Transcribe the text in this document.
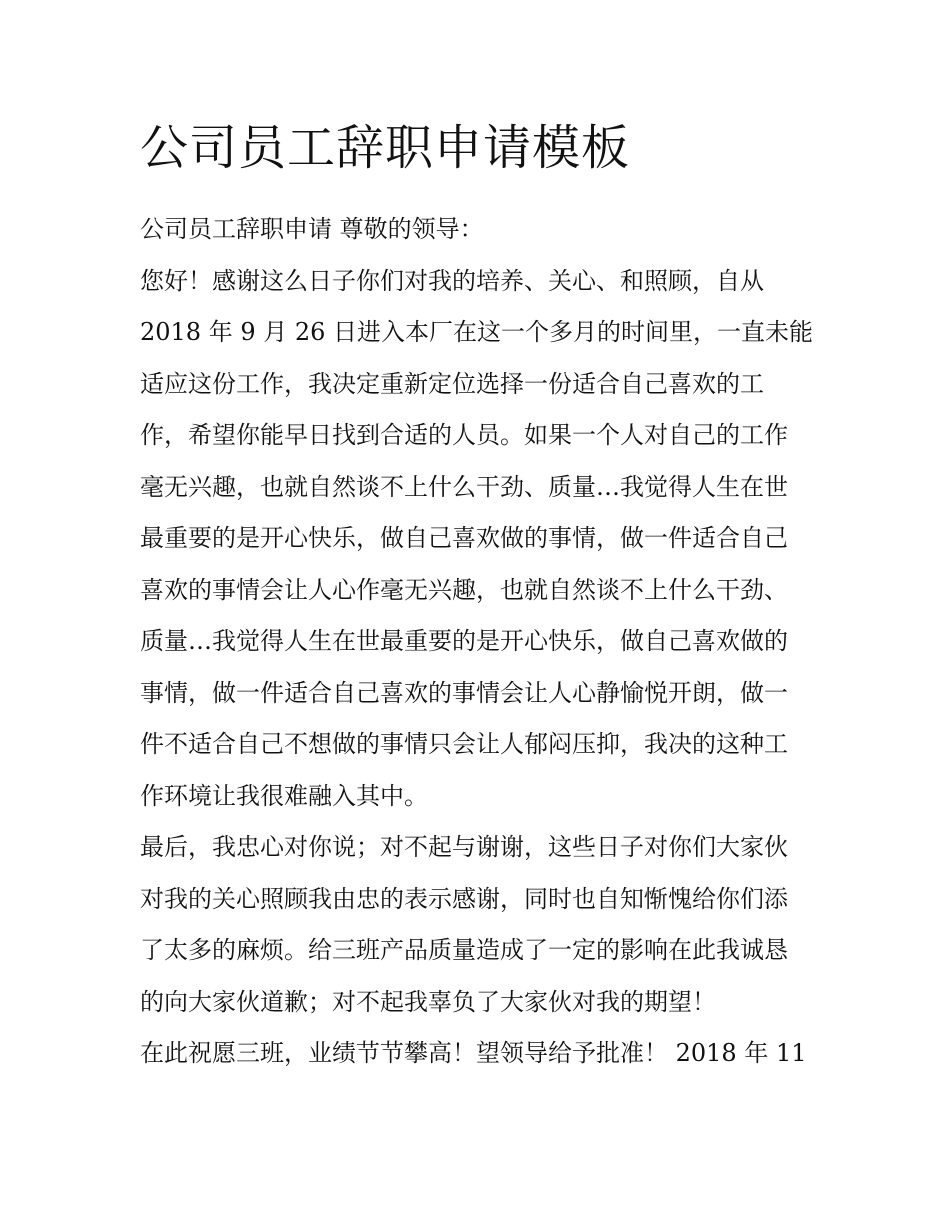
公司员工辞职申请模板

公司员工辞职申请 尊敬的领导：

您好！感谢这么日子你们对我的培养、关心、和照顾，自从
2018 年 9 月 26 日进入本厂在这一个多月的时间里，一直未能
适应这份工作，我决定重新定位选择一份适合自己喜欢的工
作，希望你能早日找到合适的人员。如果一个人对自己的工作
毫无兴趣，也就自然谈不上什么干劲、质量…我觉得人生在世
最重要的是开心快乐，做自己喜欢做的事情，做一件适合自己
喜欢的事情会让人心作毫无兴趣，也就自然谈不上什么干劲、
质量…我觉得人生在世最重要的是开心快乐，做自己喜欢做的
事情，做一件适合自己喜欢的事情会让人心静愉悦开朗，做一
件不适合自己不想做的事情只会让人郁闷压抑，我决的这种工
作环境让我很难融入其中。

最后，我忠心对你说；对不起与谢谢，这些日子对你们大家伙
对我的关心照顾我由忠的表示感谢，同时也自知惭愧给你们添
了太多的麻烦。给三班产品质量造成了一定的影响在此我诚恳
的向大家伙道歉；对不起我辜负了大家伙对我的期望！

在此祝愿三班，业绩节节攀高！望领导给予批准！ 2018 年 11
